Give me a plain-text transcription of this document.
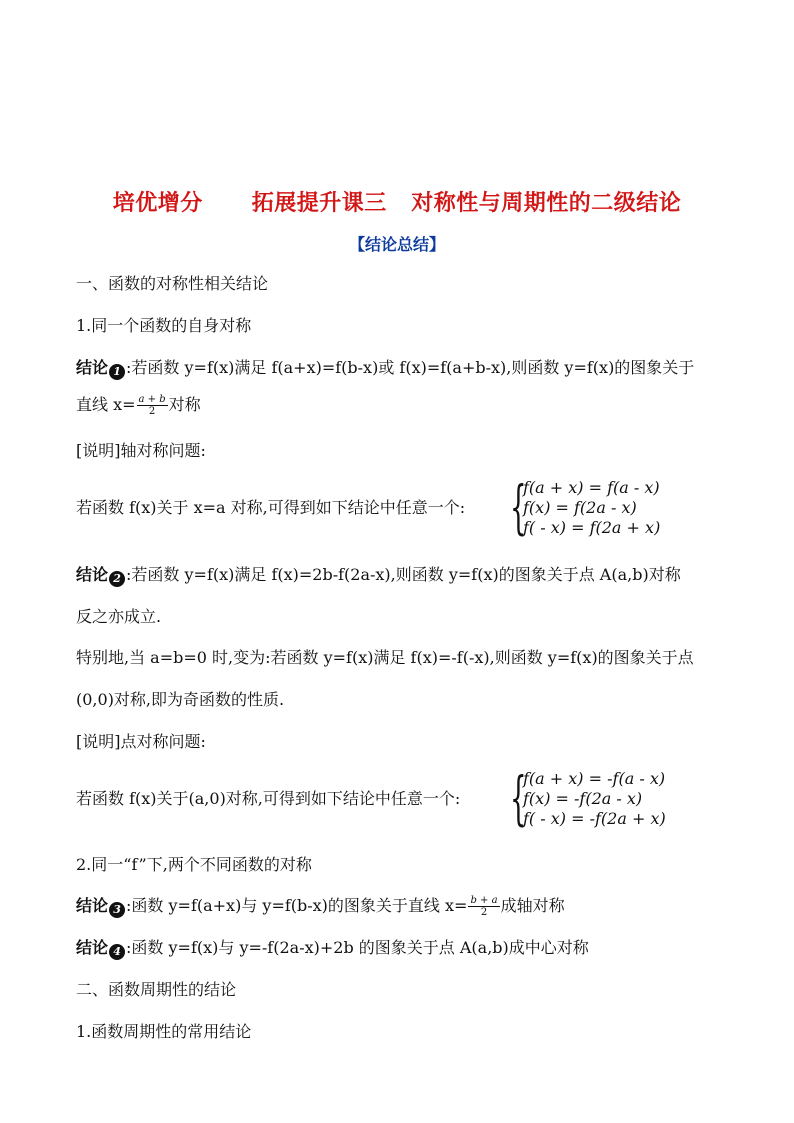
培优增分      拓展提升课三   对称性与周期性的二级结论
【结论总结】
一、函数的对称性相关结论
1.同一个函数的自身对称
结论 1 :若函数 y=f(x)满足 f(a+x)=f(b-x)或 f(x)=f(a+b-x),则函数 y=f(x)的图象关于
直线 $x= \frac{a + b}{2}$ 对称
[说明]轴对称问题:
若函数 f(x)关于 x=a 对称,可得到如下结论中任意一个: {
f(a + x) = f(a - x)
f(x) = f(2a - x)
f( - x) = f(2a + x)
结论 2 :若函数 y=f(x)满足 f(x)=2b-f(2a-x),则函数 y=f(x)的图象关于点 A(a,b)对称
反之亦成立.
特别地,当 a=b=0 时,变为:若函数 y=f(x)满足 f(x)=-f(-x),则函数 y=f(x)的图象关于点
(0,0)对称,即为奇函数的性质.
[说明]点对称问题:
若函数 f(x)关于(a,0)对称,可得到如下结论中任意一个: {
f(a + x) = -f(a - x)
f(x) = -f(2a - x)
f( - x) = -f(2a + x)
2.同一“f”下,两个不同函数的对称
结论 3 :函数 y=f(a+x)与 y=f(b-x)的图象关于直线 $x= \frac{b + a}{2}$ 成轴对称
结论 4 :函数 y=f(x)与 y=-f(2a-x)+2b 的图象关于点 A(a,b)成中心对称
二、函数周期性的结论
1.函数周期性的常用结论
